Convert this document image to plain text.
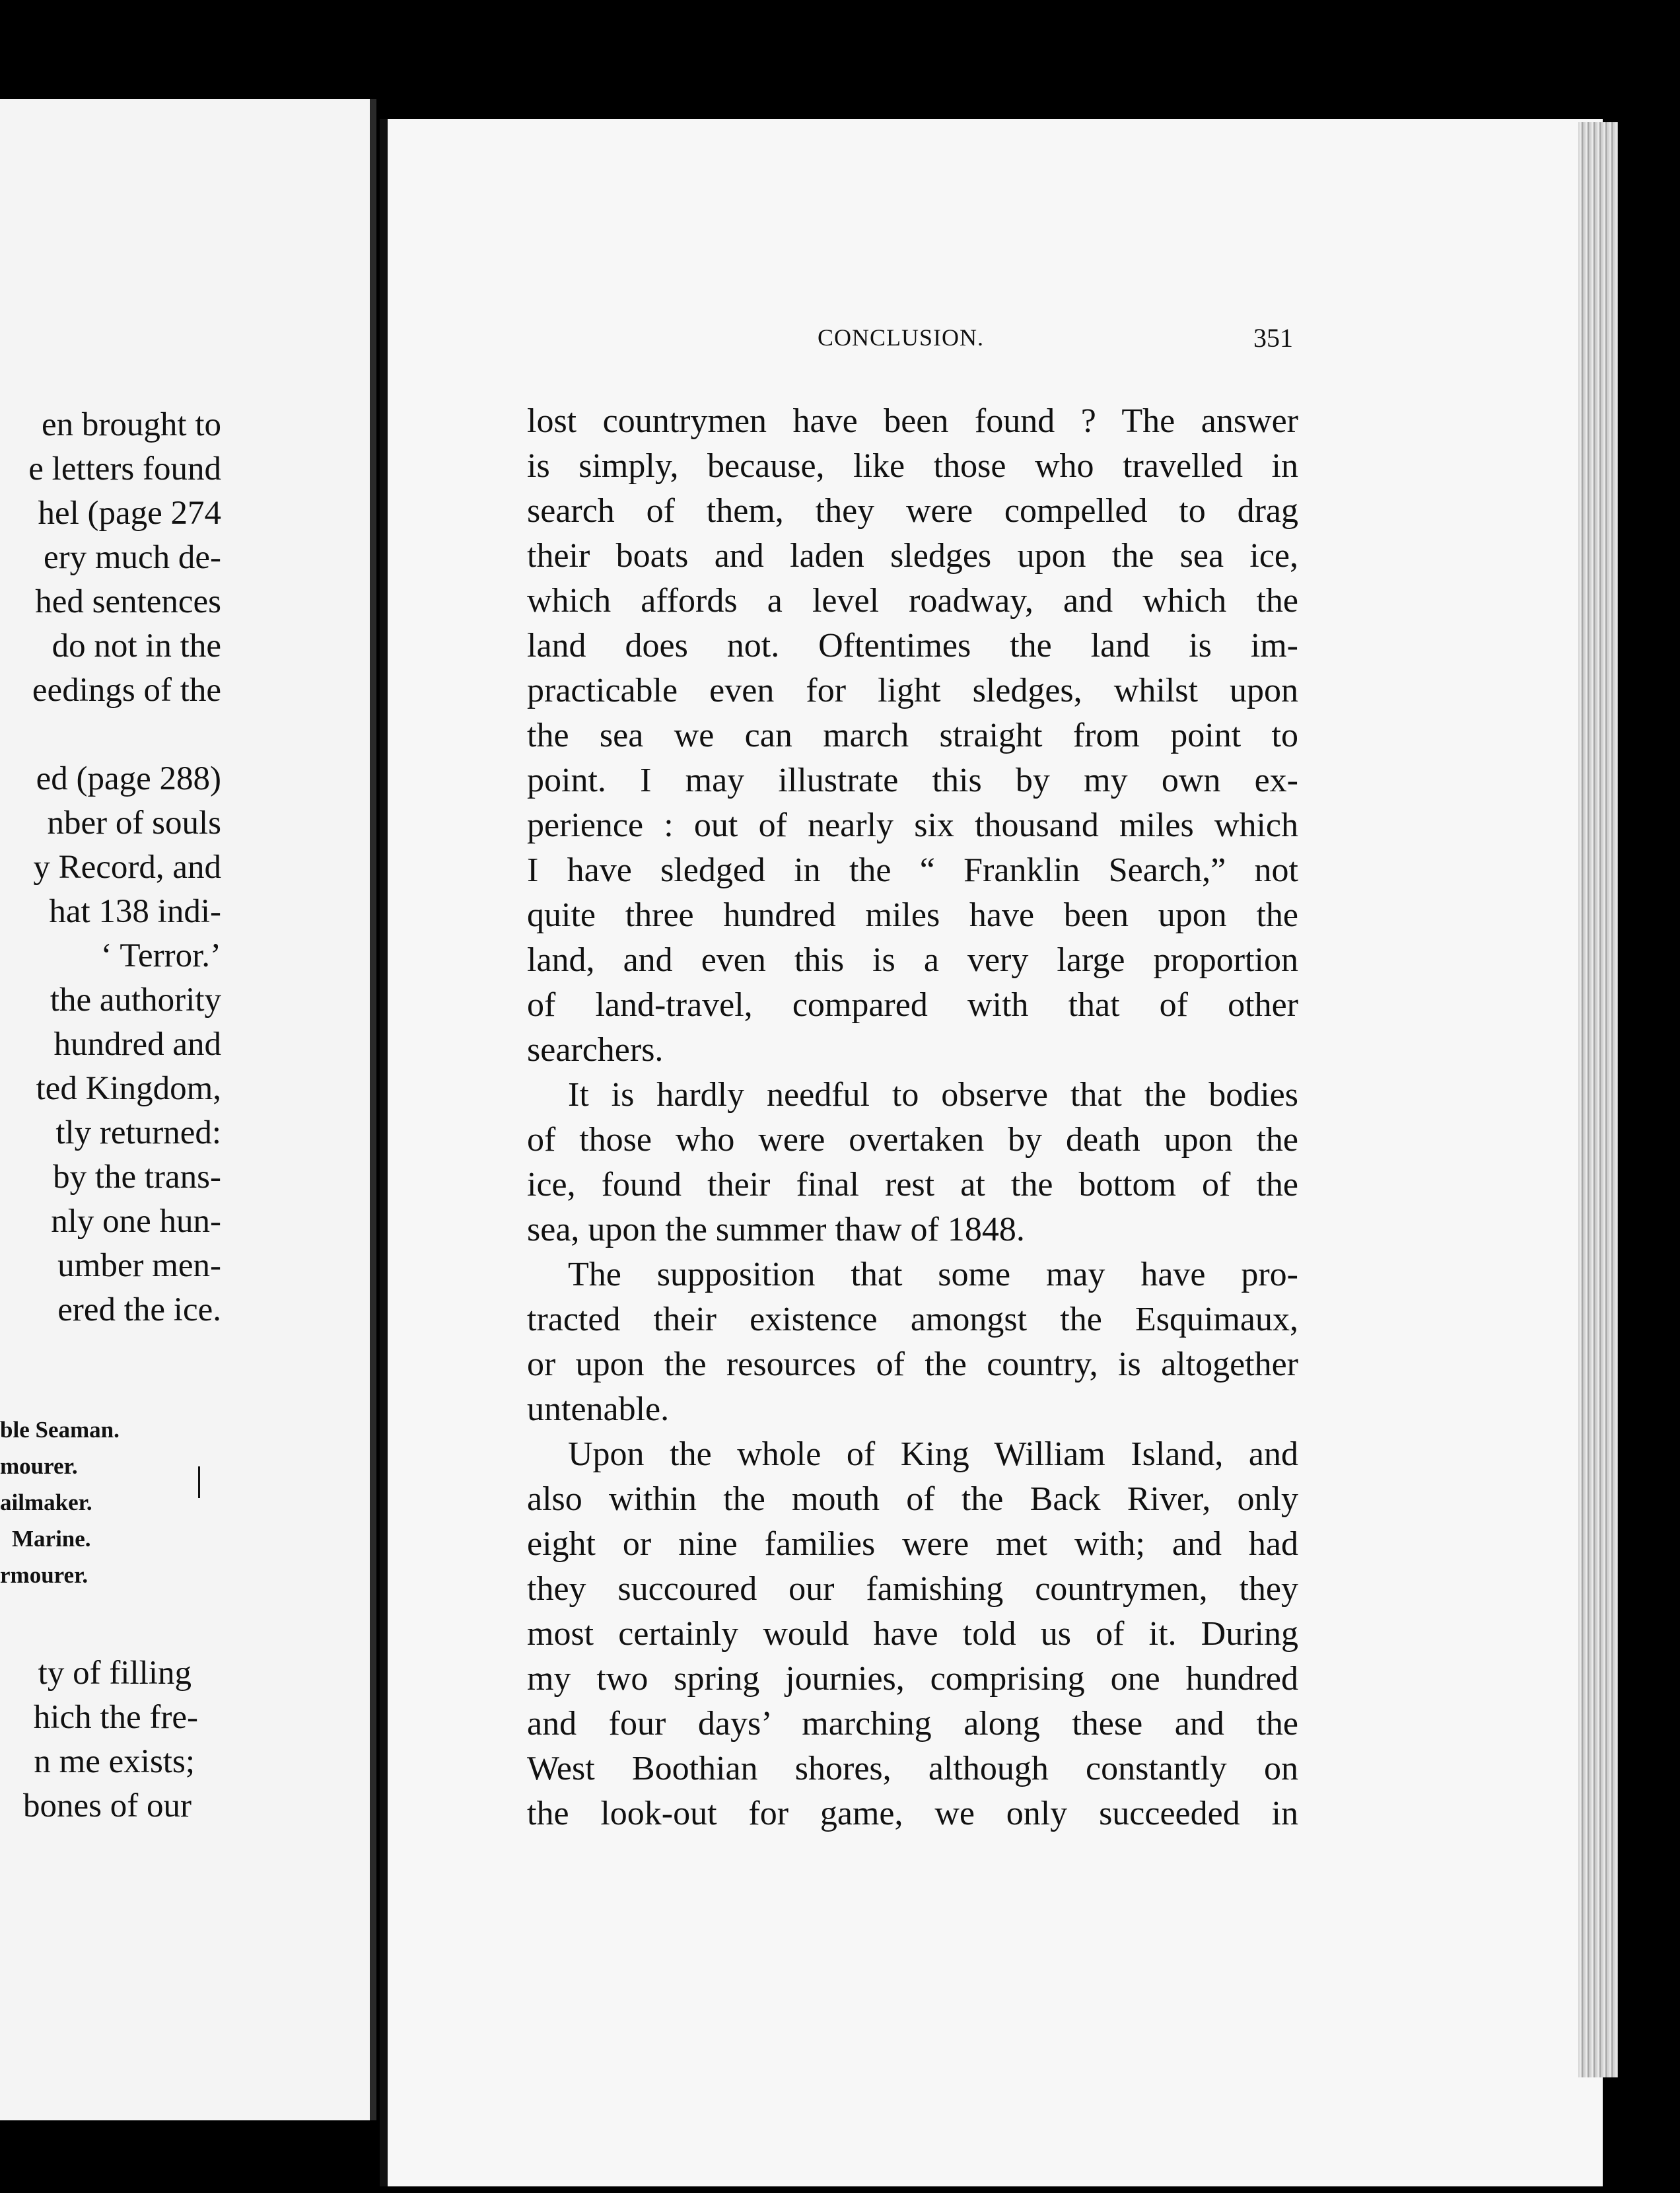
en brought to
e letters found
hel (page 274
ery much de-
hed sentences
do not in the
eedings of the
ed (page 288)
nber of souls
y Record, and
hat 138 indi-
‘ Terror.’
the authority
hundred and
ted Kingdom,
tly returned:
by the trans-
nly one hun-
umber men-
ered the ice.
ble Seaman.
mourer.
ailmaker.
Marine.
rmourer.
ty of filling
hich the fre-
n me exists;
bones of our
CONCLUSION.	351
lost countrymen have been found ? The answer
is simply, because, like those who travelled in
search of them, they were compelled to drag
their boats and laden sledges upon the sea ice,
which affords a level roadway, and which the
land does not. Oftentimes the land is im-
practicable even for light sledges, whilst upon
the sea we can march straight from point to
point. I may illustrate this by my own ex-
perience : out of nearly six thousand miles which
I have sledged in the “ Franklin Search,” not
quite three hundred miles have been upon the
land, and even this is a very large proportion
of land-travel, compared with that of other
searchers.
It is hardly needful to observe that the bodies
of those who were overtaken by death upon the
ice, found their final rest at the bottom of the
sea, upon the summer thaw of 1848.
The supposition that some may have pro-
tracted their existence amongst the Esquimaux,
or upon the resources of the country, is altogether
untenable.
Upon the whole of King William Island, and
also within the mouth of the Back River, only
eight or nine families were met with; and had
they succoured our famishing countrymen, they
most certainly would have told us of it. During
my two spring journies, comprising one hundred
and four days’ marching along these and the
West Boothian shores, although constantly on
the look-out for game, we only succeeded in
